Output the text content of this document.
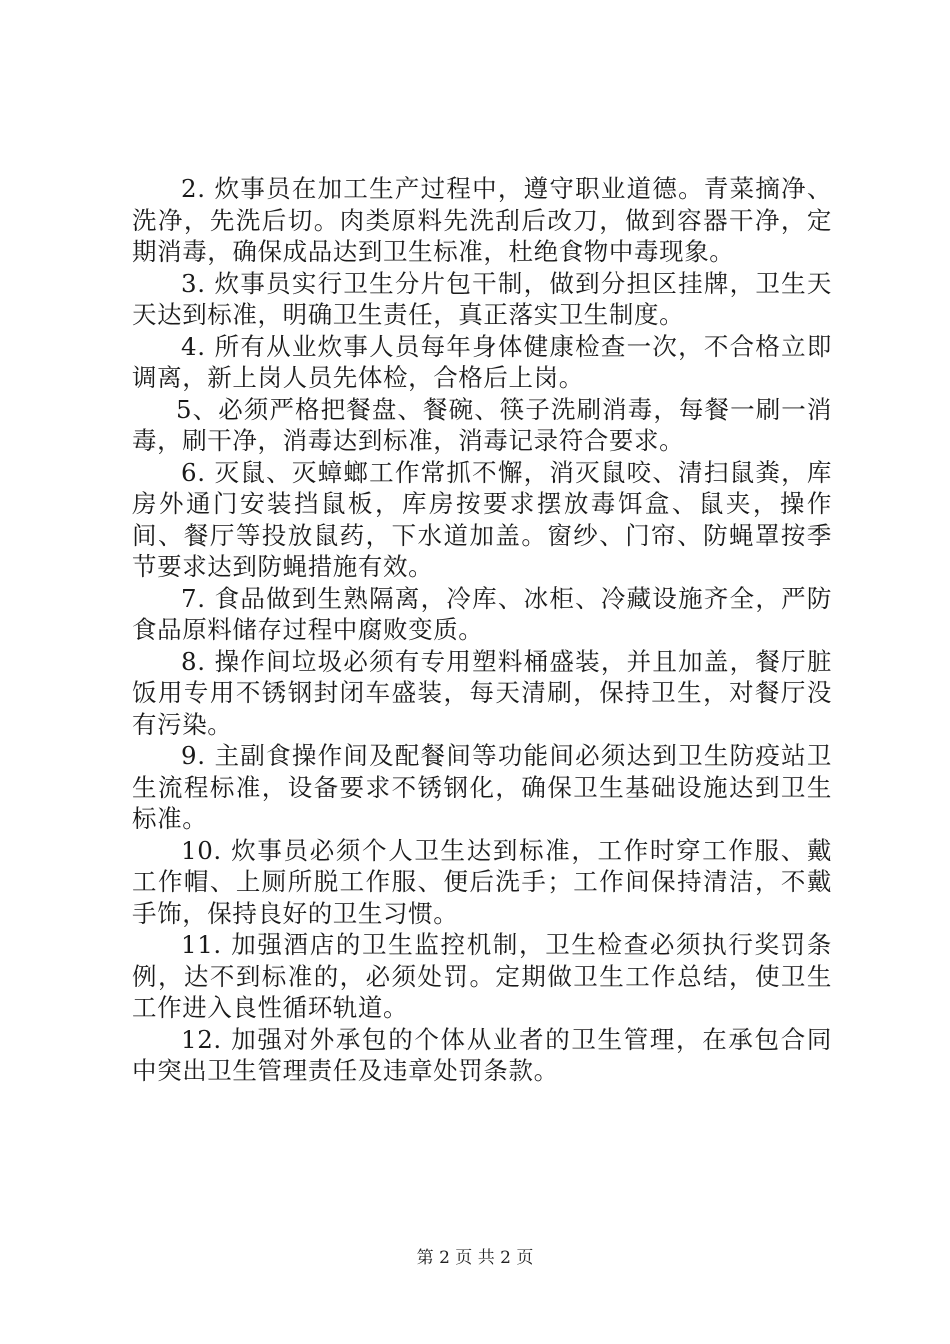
2. 炊事员在加工生产过程中，遵守职业道德。青菜摘净、洗净，先洗后切。肉类原料先洗刮后改刀，做到容器干净，定期消毒，确保成品达到卫生标准，杜绝食物中毒现象。

3. 炊事员实行卫生分片包干制，做到分担区挂牌，卫生天天达到标准，明确卫生责任，真正落实卫生制度。

4. 所有从业炊事人员每年身体健康检查一次，不合格立即调离，新上岗人员先体检，合格后上岗。

5、必须严格把餐盘、餐碗、筷子洗刷消毒，每餐一刷一消毒，刷干净，消毒达到标准，消毒记录符合要求。

6. 灭鼠、灭蟑螂工作常抓不懈，消灭鼠咬、清扫鼠粪，库房外通门安装挡鼠板，库房按要求摆放毒饵盒、鼠夹，操作间、餐厅等投放鼠药，下水道加盖。窗纱、门帘、防蝇罩按季节要求达到防蝇措施有效。

7. 食品做到生熟隔离，冷库、冰柜、冷藏设施齐全，严防食品原料储存过程中腐败变质。

8. 操作间垃圾必须有专用塑料桶盛装，并且加盖，餐厅脏饭用专用不锈钢封闭车盛装，每天清刷，保持卫生，对餐厅没有污染。

9. 主副食操作间及配餐间等功能间必须达到卫生防疫站卫生流程标准，设备要求不锈钢化，确保卫生基础设施达到卫生标准。

10. 炊事员必须个人卫生达到标准，工作时穿工作服、戴工作帽、上厕所脱工作服、便后洗手；工作间保持清洁，不戴手饰，保持良好的卫生习惯。

11. 加强酒店的卫生监控机制，卫生检查必须执行奖罚条例，达不到标准的，必须处罚。定期做卫生工作总结，使卫生工作进入良性循环轨道。

12. 加强对外承包的个体从业者的卫生管理，在承包合同中突出卫生管理责任及违章处罚条款。

第 2 页 共 2 页
